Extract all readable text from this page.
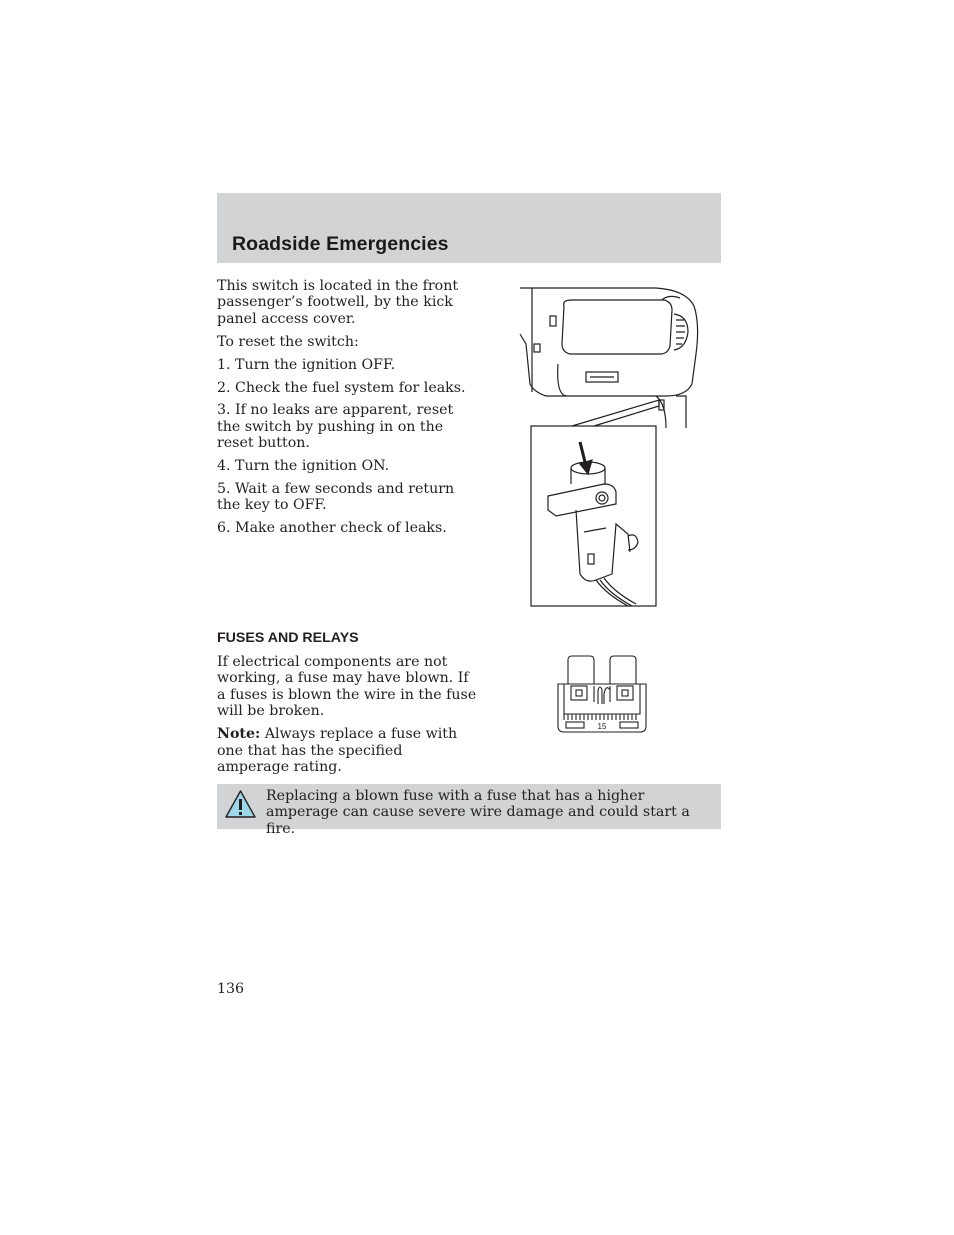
Roadside Emergencies

This switch is located in the front passenger’s footwell, by the kick panel access cover.

To reset the switch:

1. Turn the ignition OFF.

2. Check the fuel system for leaks.

3. If no leaks are apparent, reset the switch by pushing in on the reset button.

4. Turn the ignition ON.

5. Wait a few seconds and return the key to OFF.

6. Make another check of leaks.

FUSES AND RELAYS

If electrical components are not working, a fuse may have blown. If a fuses is blown the wire in the fuse will be broken.

Note: Always replace a fuse with one that has the specified amperage rating.

15
Replacing a blown fuse with a fuse that has a higher amperage can cause severe wire damage and could start a fire.
136
